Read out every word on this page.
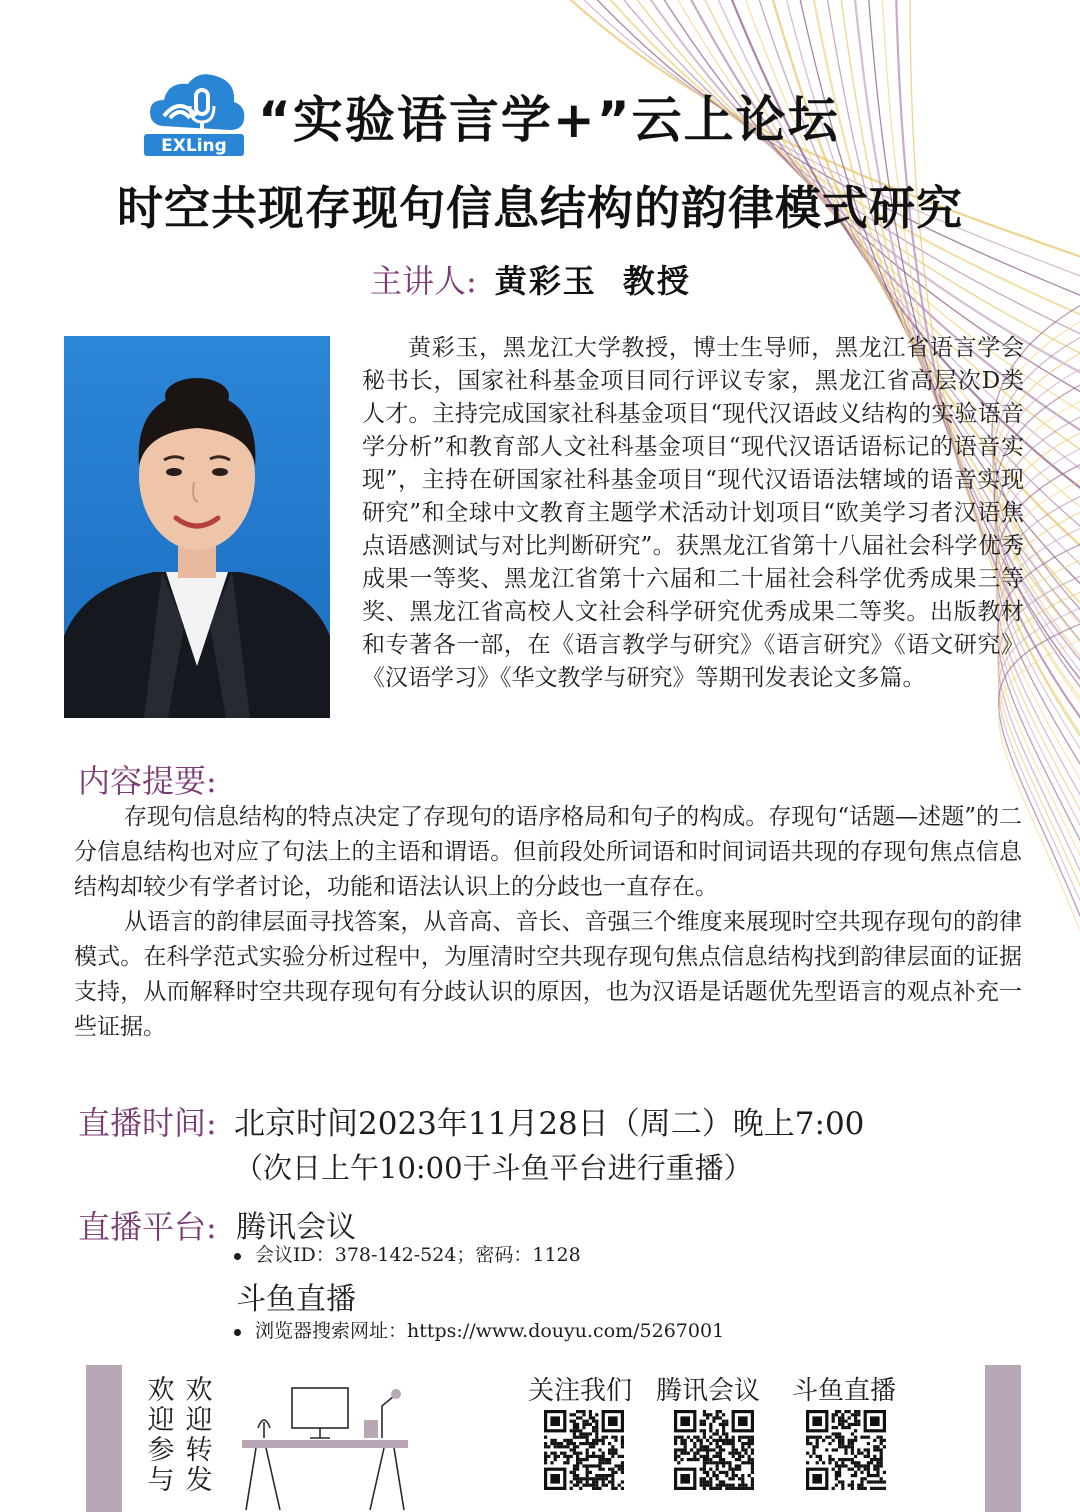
EXLing “实验语言学+”云上论坛
时空共现存现句信息结构的韵律模式研究
主讲人: 黄彩玉 教授
黄彩玉，黑龙江大学教授，博士生导师，黑龙江省语言学会秘书长，国家社科基金项目同行评议专家，黑龙江省高层次D类人才。主持完成国家社科基金项目“现代汉语歧义结构的实验语音学分析”和教育部人文社科基金项目“现代汉语话语标记的语音实现”，主持在研国家社科基金项目“现代汉语语法辖域的语音实现研究”和全球中文教育主题学术活动计划项目“欧美学习者汉语焦点语感测试与对比判断研究”。获黑龙江省第十八届社会科学优秀成果一等奖、黑龙江省第十六届和二十届社会科学优秀成果三等奖、黑龙江省高校人文社会科学研究优秀成果二等奖。出版教材和专著各一部，在《语言教学与研究》《语言研究》《语文研究》《汉语学习》《华文教学与研究》等期刊发表论文多篇。
内容提要:

存现句信息结构的特点决定了存现句的语序格局和句子的构成。存现句“话题—述题”的二分信息结构也对应了句法上的主语和谓语。但前段处所词语和时间词语共现的存现句焦点信息结构却较少有学者讨论，功能和语法认识上的分歧也一直存在。

从语言的韵律层面寻找答案，从音高、音长、音强三个维度来展现时空共现存现句的韵律模式。在科学范式实验分析过程中，为厘清时空共现存现句焦点信息结构找到韵律层面的证据支持，从而解释时空共现存现句有分歧认识的原因，也为汉语是话题优先型语言的观点补充一些证据。

直播时间: 北京时间2023年11月28日（周二）晚上7:00
（次日上午10:00于斗鱼平台进行重播）
直播平台: 腾讯会议
会议ID：378-142-524；密码：1128
斗鱼直播
浏览器搜索网址：https://www.douyu.com/5267001
欢迎参与
欢迎转发
关注我们 腾讯会议 斗鱼直播
